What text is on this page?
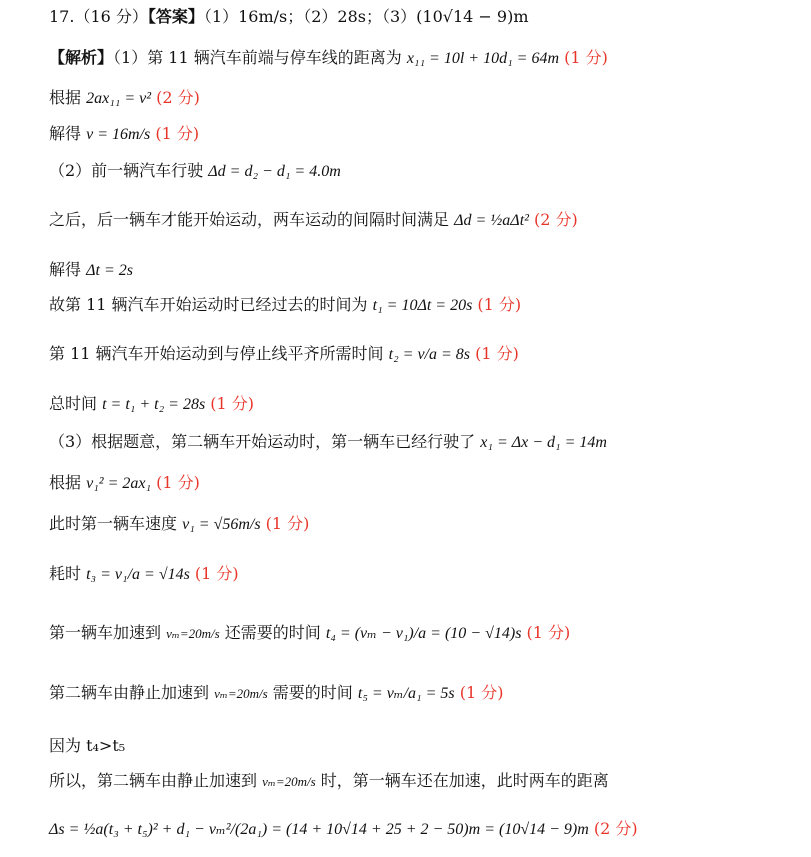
17.（16 分）【答案】（1）16m/s；（2）28s；（3）(10√14 − 9)m
【解析】（1）第 11 辆汽车前端与停车线的距离为 x₁₁ = 10l + 10d₁ = 64m (1 分)
根据 2ax₁₁ = v² (2 分)
解得 v = 16m/s (1 分)
（2）前一辆汽车行驶 Δd = d₂ − d₁ = 4.0m
之后，后一辆车才能开始运动，两车运动的间隔时间满足 Δd = ½aΔt² (2 分)
解得 Δt = 2s
故第 11 辆汽车开始运动时已经过去的时间为 t₁ = 10Δt = 20s (1 分)
第 11 辆汽车开始运动到与停止线平齐所需时间 t₂ = v/a = 8s (1 分)
总时间 t = t₁ + t₂ = 28s (1 分)
（3）根据题意，第二辆车开始运动时，第一辆车已经行驶了 x₁ = Δx − d₁ = 14m
根据 v₁² = 2ax₁ (1 分)
此时第一辆车速度 v₁ = √56m/s (1 分)
耗时 t₃ = v₁/a = √14s (1 分)
第一辆车加速到 vₘ=20m/s 还需要的时间 t₄ = (vₘ − v₁)/a = (10 − √14)s (1 分)
第二辆车由静止加速到 vₘ=20m/s 需要的时间 t₅ = vₘ/a₁ = 5s (1 分)
因为 t₄>t₅
所以，第二辆车由静止加速到 vₘ=20m/s 时，第一辆车还在加速，此时两车的距离
Δs = ½a(t₃ + t₅)² + d₁ − vₘ²/(2a₁) = (14 + 10√14 + 25 + 2 − 50)m = (10√14 − 9)m (2 分)
